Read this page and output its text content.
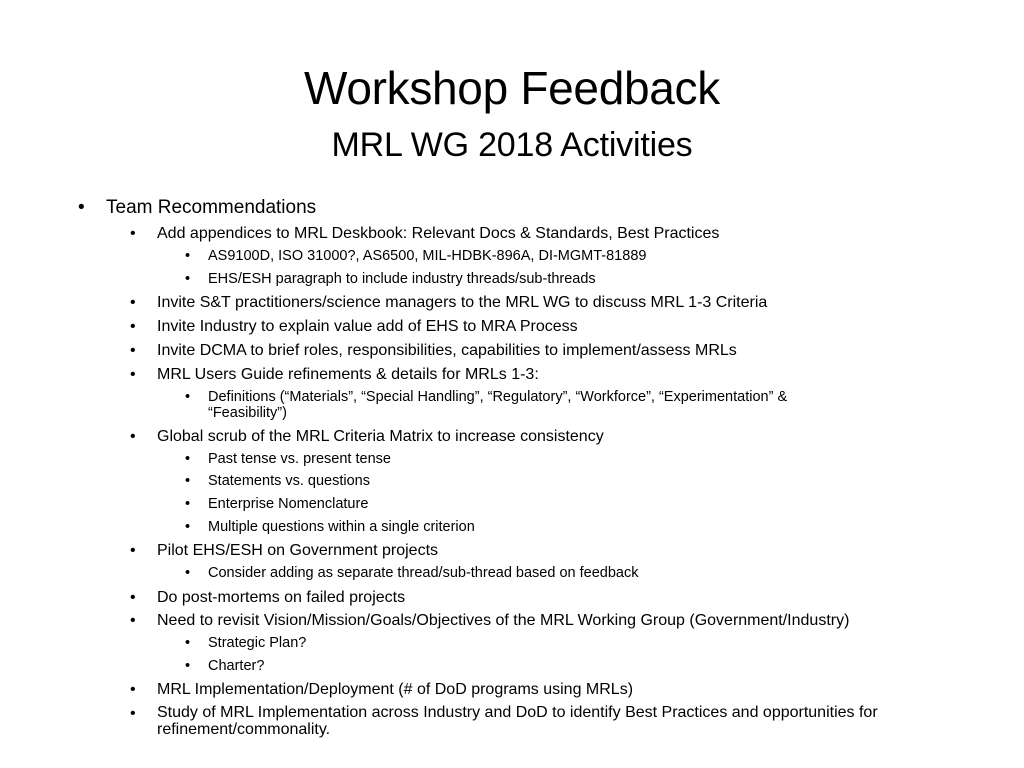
Workshop Feedback
MRL WG 2018 Activities
•	Team Recommendations
•	Add appendices to MRL Deskbook: Relevant Docs & Standards, Best Practices
•	AS9100D, ISO 31000?, AS6500, MIL-HDBK-896A, DI-MGMT-81889
•	EHS/ESH paragraph to include industry threads/sub-threads
•	Invite S&T practitioners/science managers to the MRL WG to discuss MRL 1-3 Criteria
•	Invite Industry to explain value add of EHS to MRA Process
•	Invite DCMA to brief roles, responsibilities, capabilities to implement/assess MRLs
•	MRL Users Guide refinements & details for MRLs 1-3:
•	Definitions (“Materials”, “Special Handling”, “Regulatory”, “Workforce”, “Experimentation” &
“Feasibility”)
•	Global scrub of the MRL Criteria Matrix to increase consistency
•	Past tense vs. present tense
•	Statements vs. questions
•	Enterprise Nomenclature
•	Multiple questions within a single criterion
•	Pilot EHS/ESH on Government projects
•	Consider adding as separate thread/sub-thread based on feedback
•	Do post-mortems on failed projects
•	Need to revisit Vision/Mission/Goals/Objectives of the MRL Working Group (Government/Industry)
•	Strategic Plan?
•	Charter?
•	MRL Implementation/Deployment (# of DoD programs using MRLs)
•	Study of MRL Implementation across Industry and DoD to identify Best Practices and opportunities for
refinement/commonality.
